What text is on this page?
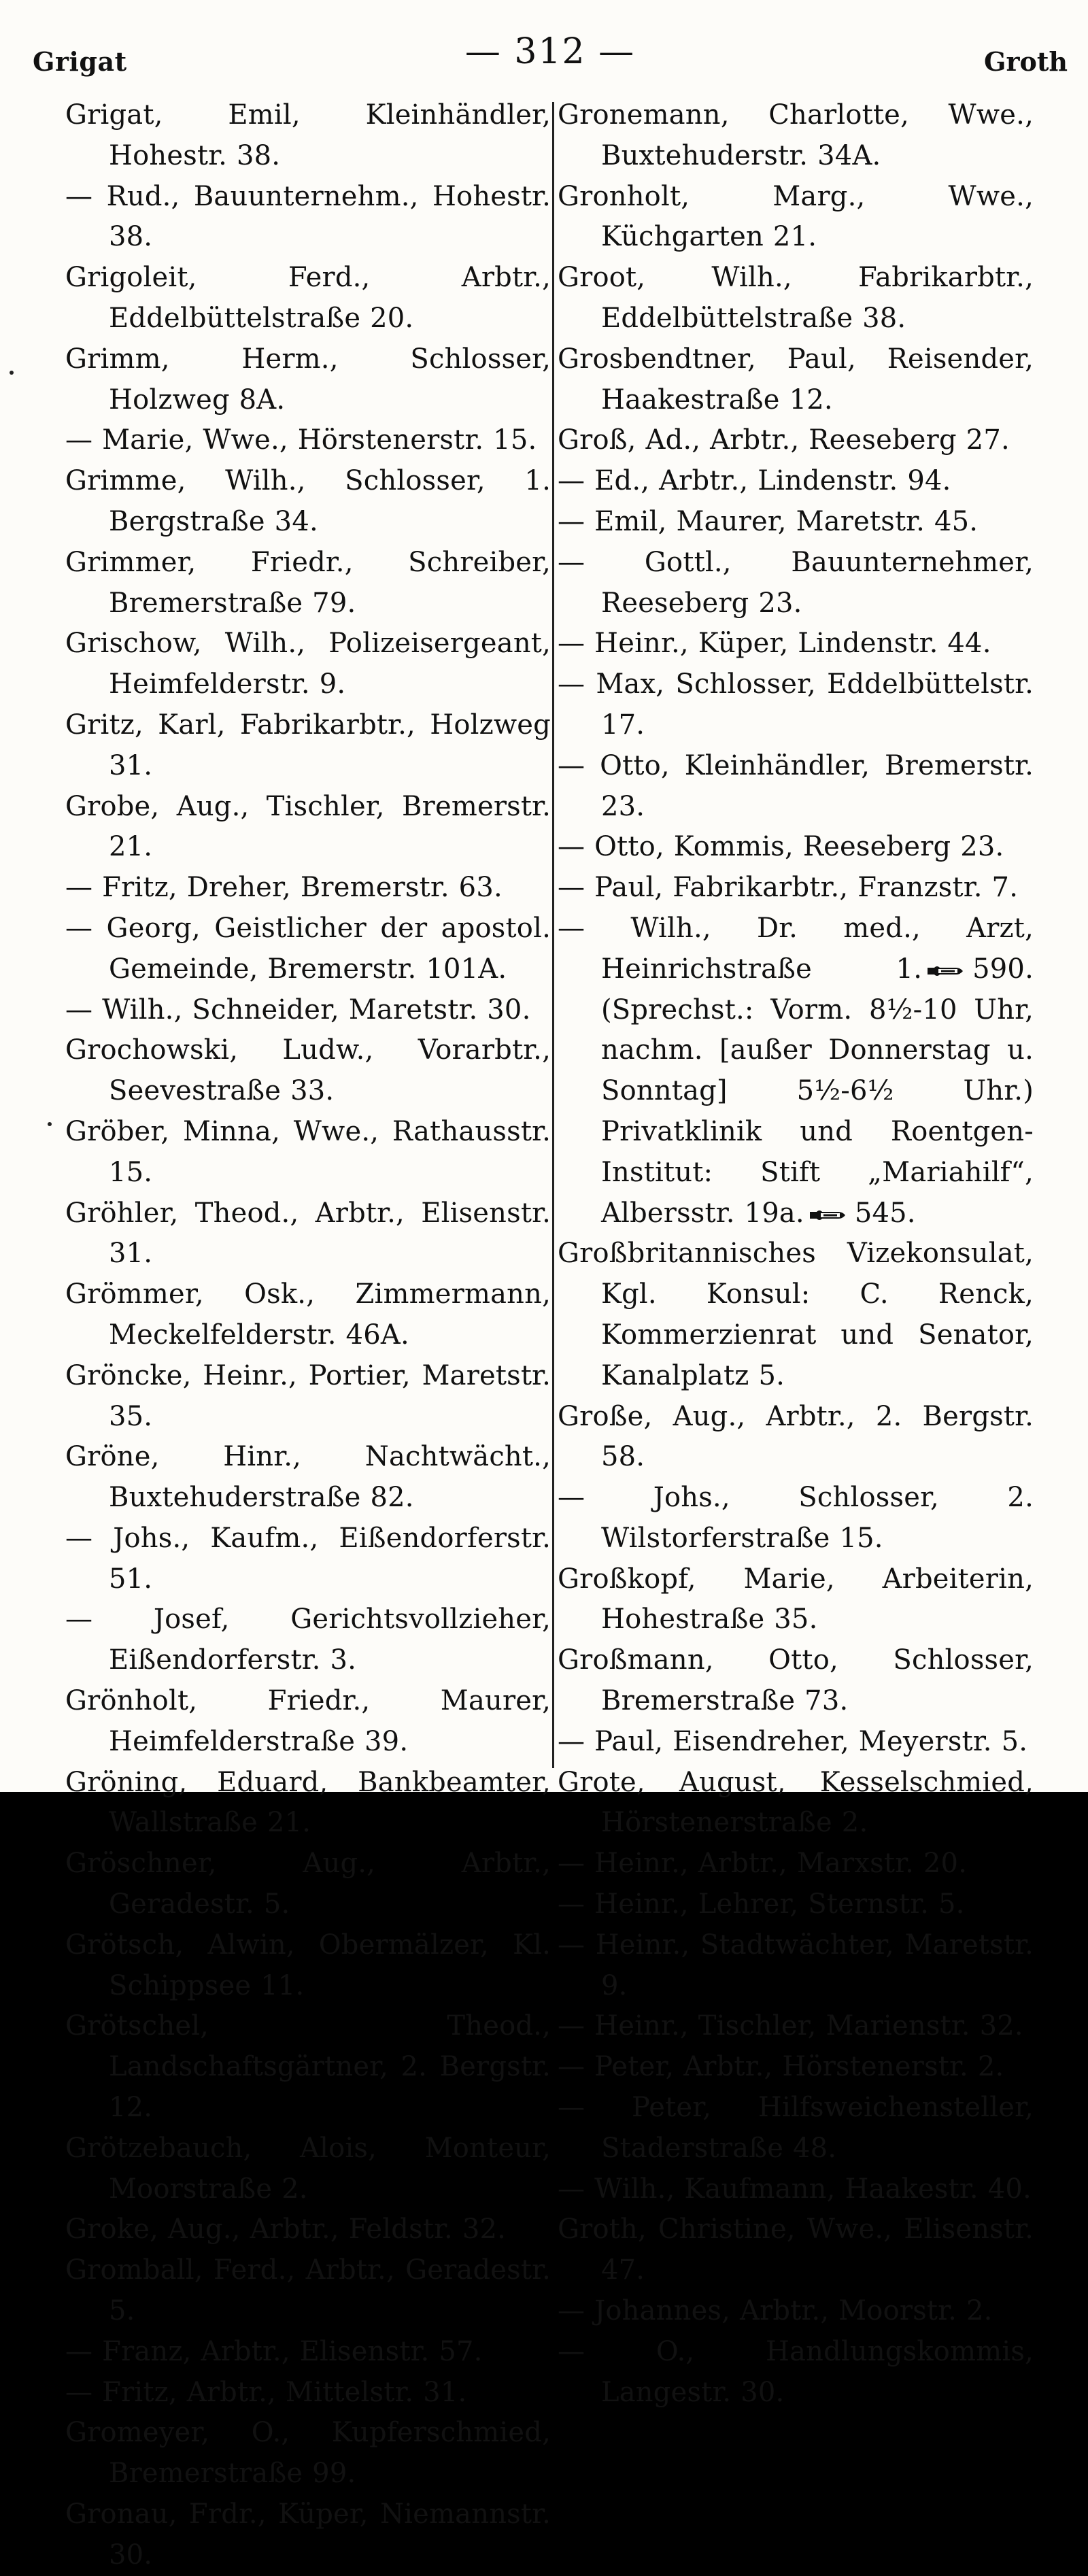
Grigat	— 312 —	Groth
Grigat, Emil, Kleinhändler, Hohestr. 38.
— Rud., Bauunternehm., Hohestr. 38.
Grigoleit, Ferd., Arbtr., Eddelbüttelstraße 20.
Grimm, Herm., Schlosser, Holzweg 8A.
— Marie, Wwe., Hörstenerstr. 15.
Grimme, Wilh., Schlosser, 1. Bergstraße 34.
Grimmer, Friedr., Schreiber, Bremerstraße 79.
Grischow, Wilh., Polizeisergeant, Heimfelderstr. 9.
Gritz, Karl, Fabrikarbtr., Holzweg 31.
Grobe, Aug., Tischler, Bremerstr. 21.
— Fritz, Dreher, Bremerstr. 63.
— Georg, Geistlicher der apostol. Gemeinde, Bremerstr. 101A.
— Wilh., Schneider, Maretstr. 30.
Grochowski, Ludw., Vorarbtr., Seevestraße 33.
Gröber, Minna, Wwe., Rathausstr. 15.
Gröhler, Theod., Arbtr., Elisenstr. 31.
Grömmer, Osk., Zimmermann, Meckelfelderstr. 46A.
Gröncke, Heinr., Portier, Maretstr. 35.
Gröne, Hinr., Nachtwächt., Buxtehuderstraße 82.
— Johs., Kaufm., Eißendorferstr. 51.
— Josef, Gerichtsvollzieher, Eißendorferstr. 3.
Grönholt, Friedr., Maurer, Heimfelderstraße 39.
Gröning, Eduard, Bankbeamter, Wallstraße 21.
Gröschner, Aug., Arbtr., Geradestr. 5.
Grötsch, Alwin, Obermälzer, Kl. Schippsee 11.
Grötschel, Theod., Landschaftsgärtner, 2. Bergstr. 12.
Grötzebauch, Alois, Monteur, Moorstraße 2.
Groke, Aug., Arbtr., Feldstr. 32.
Gromball, Ferd., Arbtr., Geradestr. 5.
— Franz, Arbtr., Elisenstr. 57.
— Fritz, Arbtr., Mittelstr. 31.
Gromeyer, O., Kupferschmied, Bremerstraße 99.
Gronau, Frdr., Küper, Niemannstr. 30.
Gronemann, Charlotte, Wwe., Buxtehuderstr. 34A.
Gronholt, Marg., Wwe., Küchgarten 21.
Groot, Wilh., Fabrikarbtr., Eddelbüttelstraße 38.
Grosbendtner, Paul, Reisender, Haakestraße 12.
Groß, Ad., Arbtr., Reeseberg 27.
— Ed., Arbtr., Lindenstr. 94.
— Emil, Maurer, Maretstr. 45.
— Gottl., Bauunternehmer, Reeseberg 23.
— Heinr., Küper, Lindenstr. 44.
— Max, Schlosser, Eddelbüttelstr. 17.
— Otto, Kleinhändler, Bremerstr. 23.
— Otto, Kommis, Reeseberg 23.
— Paul, Fabrikarbtr., Franzstr. 7.
— Wilh., Dr. med., Arzt, Heinrichstraße 1. 590. (Sprechst.: Vorm. 8½-10 Uhr, nachm. [außer Donnerstag u. Sonntag] 5½-6½ Uhr.) Privatklinik und Roentgen-Institut: Stift „Mariahilf“, Albersstr. 19a. 545.
Großbritannisches Vizekonsulat, Kgl. Konsul: C. Renck, Kommerzienrat und Senator, Kanalplatz 5.
Große, Aug., Arbtr., 2. Bergstr. 58.
— Johs., Schlosser, 2. Wilstorferstraße 15.
Großkopf, Marie, Arbeiterin, Hohestraße 35.
Großmann, Otto, Schlosser, Bremerstraße 73.
— Paul, Eisendreher, Meyerstr. 5.
Grote, August, Kesselschmied, Hörstenerstraße 2.
— Heinr., Arbtr., Marxstr. 20.
— Heinr., Lehrer, Sternstr. 5.
— Heinr., Stadtwächter, Maretstr. 9.
— Heinr., Tischler, Marienstr. 32.
— Peter, Arbtr., Hörstenerstr. 2.
— Peter, Hilfsweichensteller, Staderstraße 48.
— Wilh., Kaufmann, Haakestr. 40.
Groth, Christine, Wwe., Elisenstr. 47.
— Johannes, Arbtr., Moorstr. 2.
— O., Handlungskommis, Langestr. 30.
